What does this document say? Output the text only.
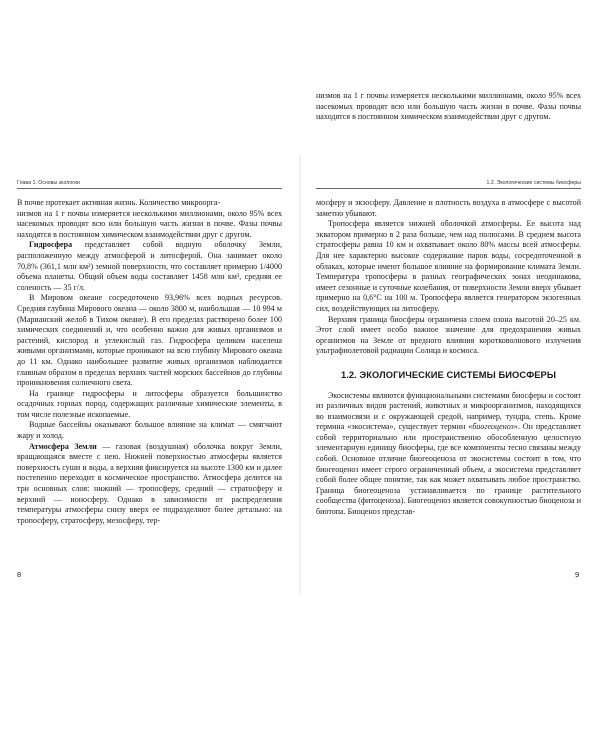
низмов на 1 г почвы измеряется несколькими миллионами, около 95% всех насекомых проводят всю или большую часть жизни в почве. Фазы почвы находятся в постоянном химическом взаимодействии друг с другом.

Глава 1. Основы экологии	1.2. Экологические системы биосферы

В почве протекает активная жизнь. Количество микроорга-

низмов на 1 г почвы измеряется несколькими миллионами, около 95% всех насекомых проводят всю или большую часть жизни в почве. Фазы почвы находятся в постоянном химическом взаимодействии друг с другом.

Гидросфера представляет собой водную оболочку Земли, расположенную между атмосферой и литосферой. Она занимает около 70,8% (361,1 млн км²) земной поверхности, что составляет примерно 1/4000 объема планеты. Общий объем воды составляет 1458 млн км³, средняя ее соленость — 35 г/л.

В Мировом океане сосредоточено 93,96% всех водных ресурсов. Средняя глубина Мирового океана — около 3800 м, наибольшая — 10 994 м (Марианский желоб в Тихом океане). В его пределах растворено более 100 химических соединений и, что особенно важно для живых организмов и растений, кислород и углекислый газ. Гидросфера целиком населена живыми организмами, которые проникают на всю глубину Мирового океана до 11 км. Однако наибольшее развитие живых организмов наблюдается главным образом в пределах верхних частей морских бассейнов до глубины проникновения солнечного света.

На границе гидросферы и литосферы образуется большинство осадочных горных пород, содержащих различные химические элементы, в том числе полезные ископаемые.

Водные бассейны оказывают большое влияние на климат — смягчают жару и холод.

Атмосфера Земли — газовая (воздушная) оболочка вокруг Земли, вращающаяся вместе с нею. Нижней поверхностью атмосферы является поверхность суши и воды, а верхняя фиксируется на высоте 1300 км и далее постепенно переходит в космическое пространство. Атмосфера делится на три основных слоя: нижний — тропосферу, средний — стратосферу и верхний — ионосферу. Однако в зависимости от распределения температуры атмосферы снизу вверх ее подразделяют более детально: на тропосферу, стратосферу, мезосферу, тер-

мосферу и экзосферу. Давление и плотность воздуха в атмосфере с высотой заметно убывают.

Тропосфера является нижней оболочкой атмосферы. Ее высота над экватором примерно в 2 раза больше, чем над полюсами. В среднем высота стратосферы равна 10 км и охватывает около 80% массы всей атмосферы. Для нее характерно высокое содержание паров воды, сосредоточенной в облаках, которые имеют большое влияние на формирование климата Земли. Температура тропосферы в разных географических зонах неодинакова, имеет сезонные и суточные колебания, от поверхности Земли вверх убывает примерно на 0,6°С на 100 м. Тропосфера является генератором экзогенных сил, воздействующих на литосферу.

Верхняя граница биосферы ограничена слоем озона высотой 20–25 км. Этот слой имеет особо важное значение для предохранения живых организмов на Земле от вредного влияния коротковолнового излучения ультрафиолетовой радиации Солнца и космоса.

1.2. ЭКОЛОГИЧЕСКИЕ СИСТЕМЫ БИОСФЕРЫ

Экосистемы являются функциональными системами биосферы и состоят из различных видов растений, животных и микроорганизмов, находящихся во взаимосвязи и с окружающей средой, например, тундра, степь. Кроме термина «экосистема», существует термин «биогеоценоз». Он представляет собой территориально или пространственно обособленную целостную элементарную единицу биосферы, где все компоненты тесно связаны между собой. Основное отличие биогеоценоза от экосистемы состоит в том, что биогеоценоз имеет строго ограниченный объем, а экосистема представляет собой более общее понятие, так как может охватывать любое пространство. Граница биогеоценоза устанавливается по границе растительного сообщества (фитоценоза). Биогеоценоз является совокупностью биоценоза и биотопа. Биоценоз представ-

8	9
